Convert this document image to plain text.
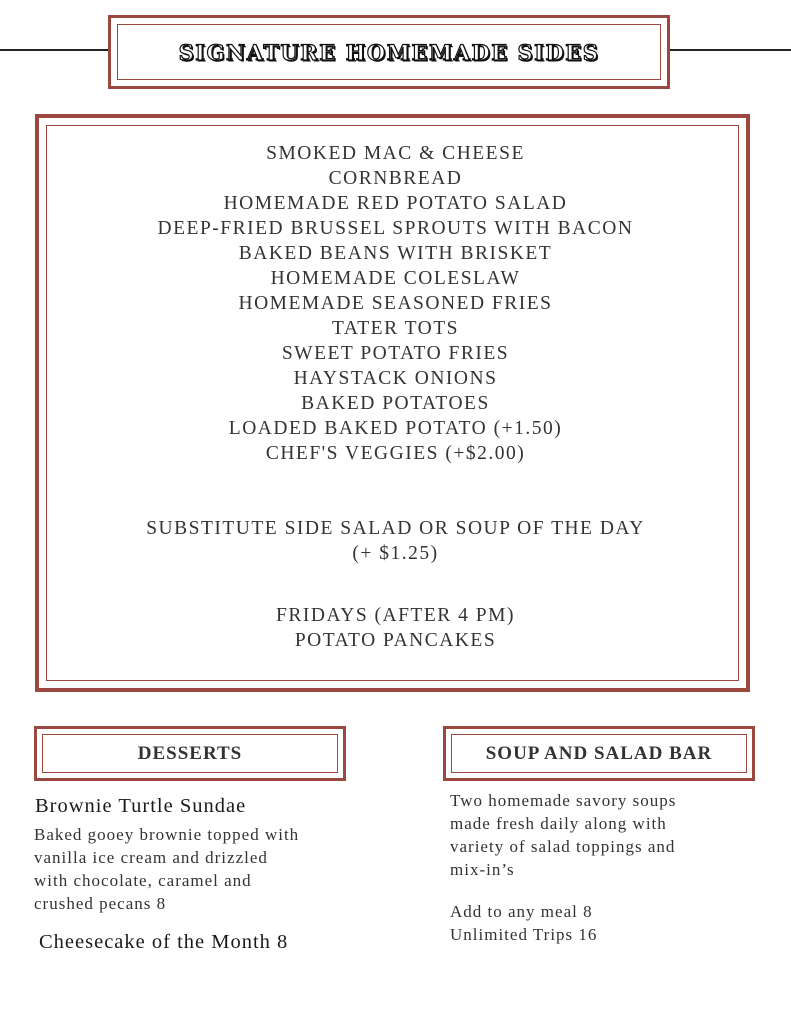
SIGNATURE HOMEMADE SIDES
SMOKED MAC & CHEESE
CORNBREAD
HOMEMADE RED POTATO SALAD
DEEP-FRIED BRUSSEL SPROUTS WITH BACON
BAKED BEANS WITH BRISKET
HOMEMADE COLESLAW
HOMEMADE SEASONED FRIES
TATER TOTS
SWEET POTATO FRIES
HAYSTACK ONIONS
BAKED POTATOES
LOADED BAKED POTATO (+1.50)
CHEF'S VEGGIES (+$2.00)
SUBSTITUTE SIDE SALAD OR SOUP OF THE DAY
(+ $1.25)
FRIDAYS (AFTER 4 PM)
POTATO PANCAKES
DESSERTS	SOUP AND SALAD BAR
Brownie Turtle Sundae
Baked gooey brownie topped with
vanilla ice cream and drizzled
with chocolate, caramel and
crushed pecans 8
Cheesecake of the Month 8
Two homemade savory soups
made fresh daily along with
variety of salad toppings and
mix-in’s
Add to any meal 8
Unlimited Trips 16
